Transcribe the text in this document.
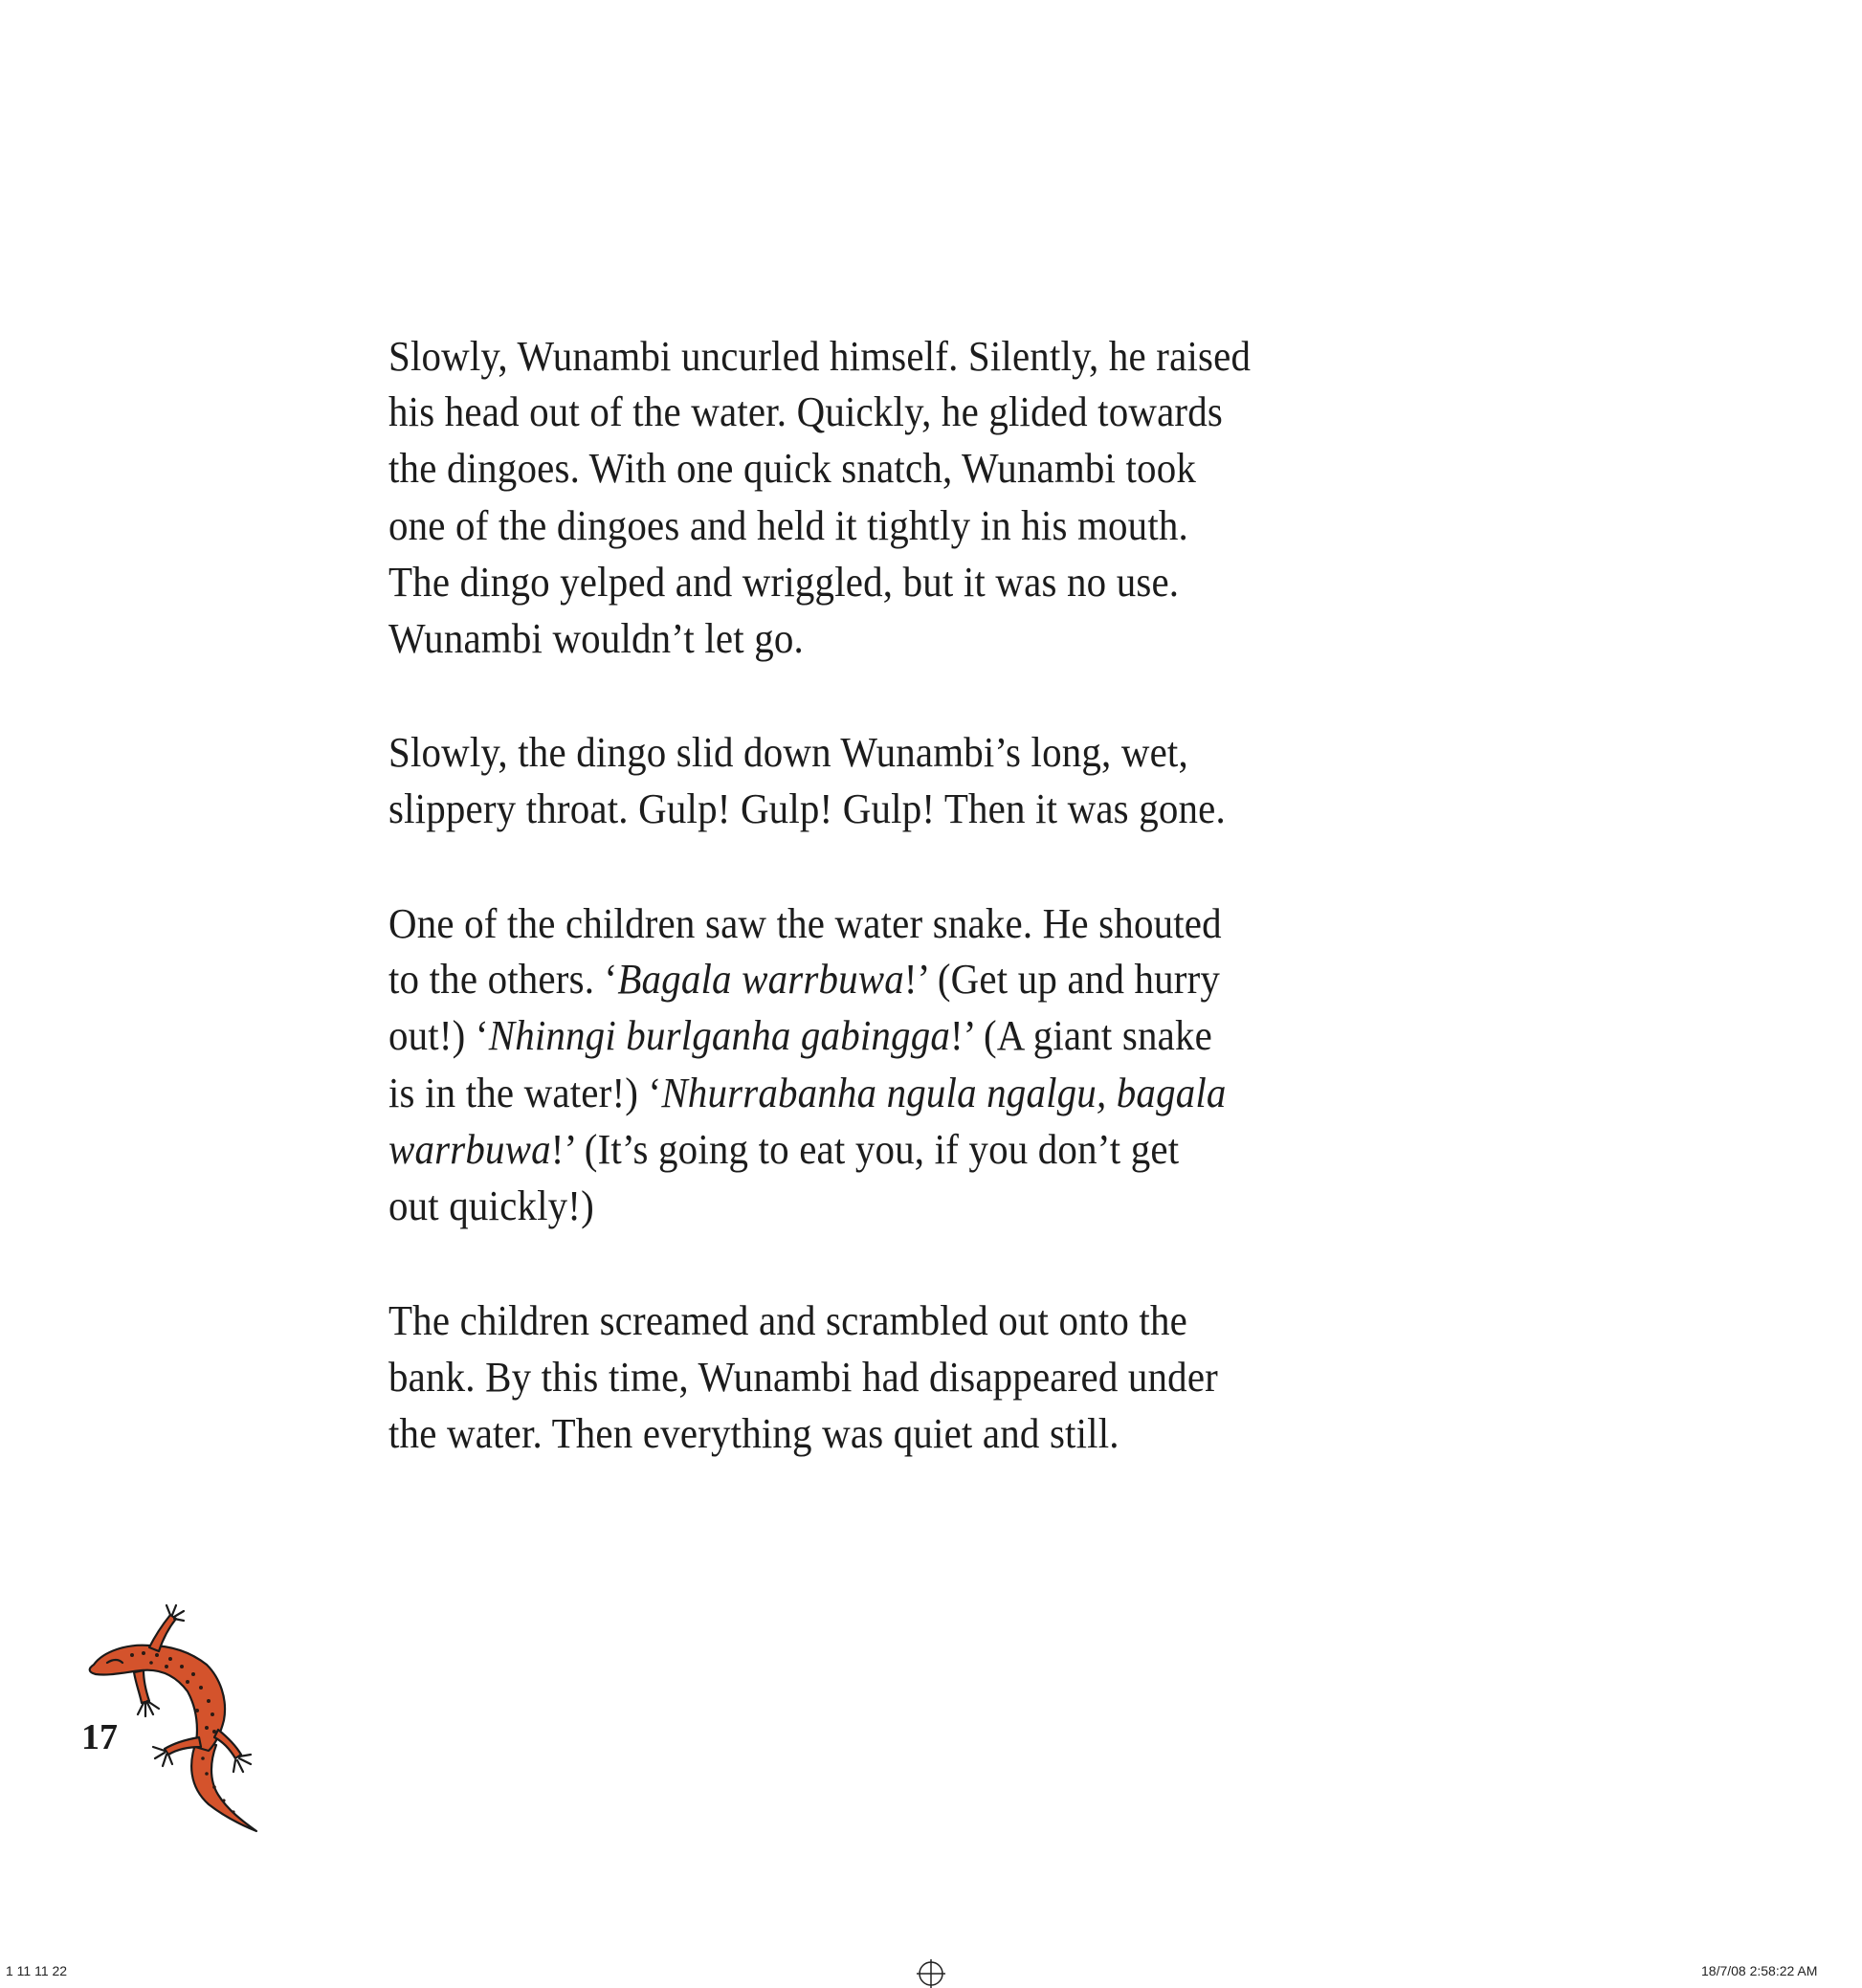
Slowly, Wunambi uncurled himself. Silently, he raised
his head out of the water. Quickly, he glided towards
the dingoes. With one quick snatch, Wunambi took
one of the dingoes and held it tightly in his mouth.
The dingo yelped and wriggled, but it was no use.
Wunambi wouldn’t let go.
Slowly, the dingo slid down Wunambi’s long, wet,
slippery throat. Gulp! Gulp! Gulp! Then it was gone.
One of the children saw the water snake. He shouted
to the others. ‘Bagala warrbuwa!’ (Get up and hurry
out!) ‘Nhinngi burlganha gabingga!’ (A giant snake
is in the water!) ‘Nhurrabanha ngula ngalgu, bagala
warrbuwa!’ (It’s going to eat you, if you don’t get
out quickly!)
The children screamed and scrambled out onto the
bank. By this time, Wunambi had disappeared under
the water. Then everything was quiet and still.
17
1 11 11 22	18/7/08 2:58:22 AM
